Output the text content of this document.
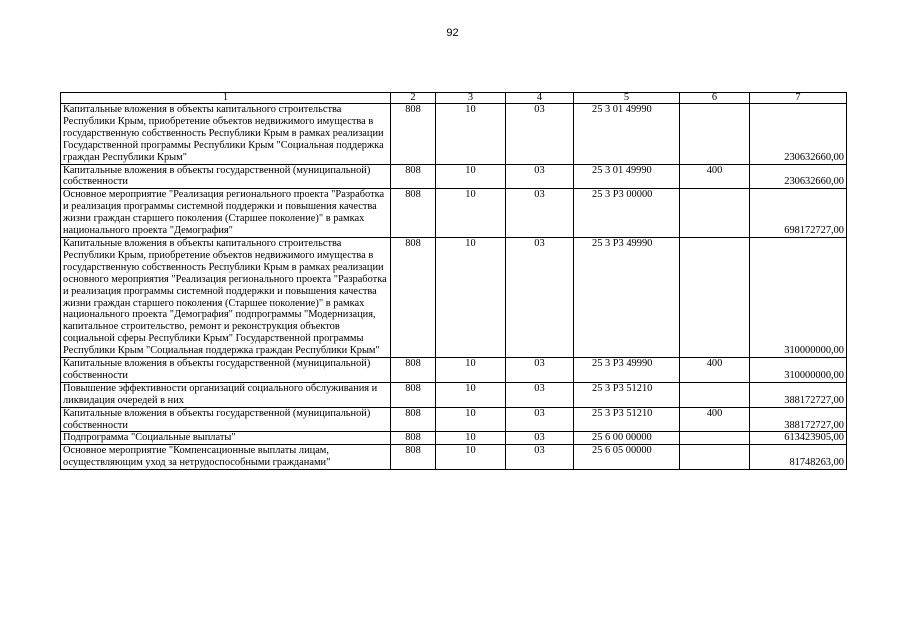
92
1	2	3	4	5	6	7
Капитальные вложения в объекты капитального строительства Республики Крым, приобретение объектов недвижимого имущества в государственную собственность Республики Крым в рамках реализации Государственной программы Республики Крым "Социальная поддержка граждан Республики Крым"	808	10	03	25 3 01 49990		230632660,00
Капитальные вложения в объекты государственной (муниципальной) собственности	808	10	03	25 3 01 49990	400	230632660,00
Основное мероприятие "Реализация регионального проекта "Разработка и реализация программы системной поддержки и повышения качества жизни граждан старшего поколения (Старшее поколение)" в рамках национального проекта "Демография"	808	10	03	25 3 P3 00000		698172727,00
Капитальные вложения в объекты капитального строительства Республики Крым, приобретение объектов недвижимого имущества в государственную собственность Республики Крым в рамках реализации основного мероприятия "Реализация регионального проекта "Разработка и реализация программы системной поддержки и повышения качества жизни граждан старшего поколения (Старшее поколение)" в рамках национального проекта "Демография" подпрограммы "Модернизация, капитальное строительство, ремонт и реконструкция объектов социальной сферы Республики Крым" Государственной программы Республики Крым "Социальная поддержка граждан Республики Крым"	808	10	03	25 3 P3 49990		310000000,00
Капитальные вложения в объекты государственной (муниципальной) собственности	808	10	03	25 3 P3 49990	400	310000000,00
Повышение эффективности организаций социального обслуживания и ликвидация очередей в них	808	10	03	25 3 P3 51210		388172727,00
Капитальные вложения в объекты государственной (муниципальной) собственности	808	10	03	25 3 P3 51210	400	388172727,00
Подпрограмма "Социальные выплаты"	808	10	03	25 6 00 00000		613423905,00
Основное мероприятие "Компенсационные выплаты лицам, осуществляющим уход за нетрудоспособными гражданами"	808	10	03	25 6 05 00000		81748263,00
